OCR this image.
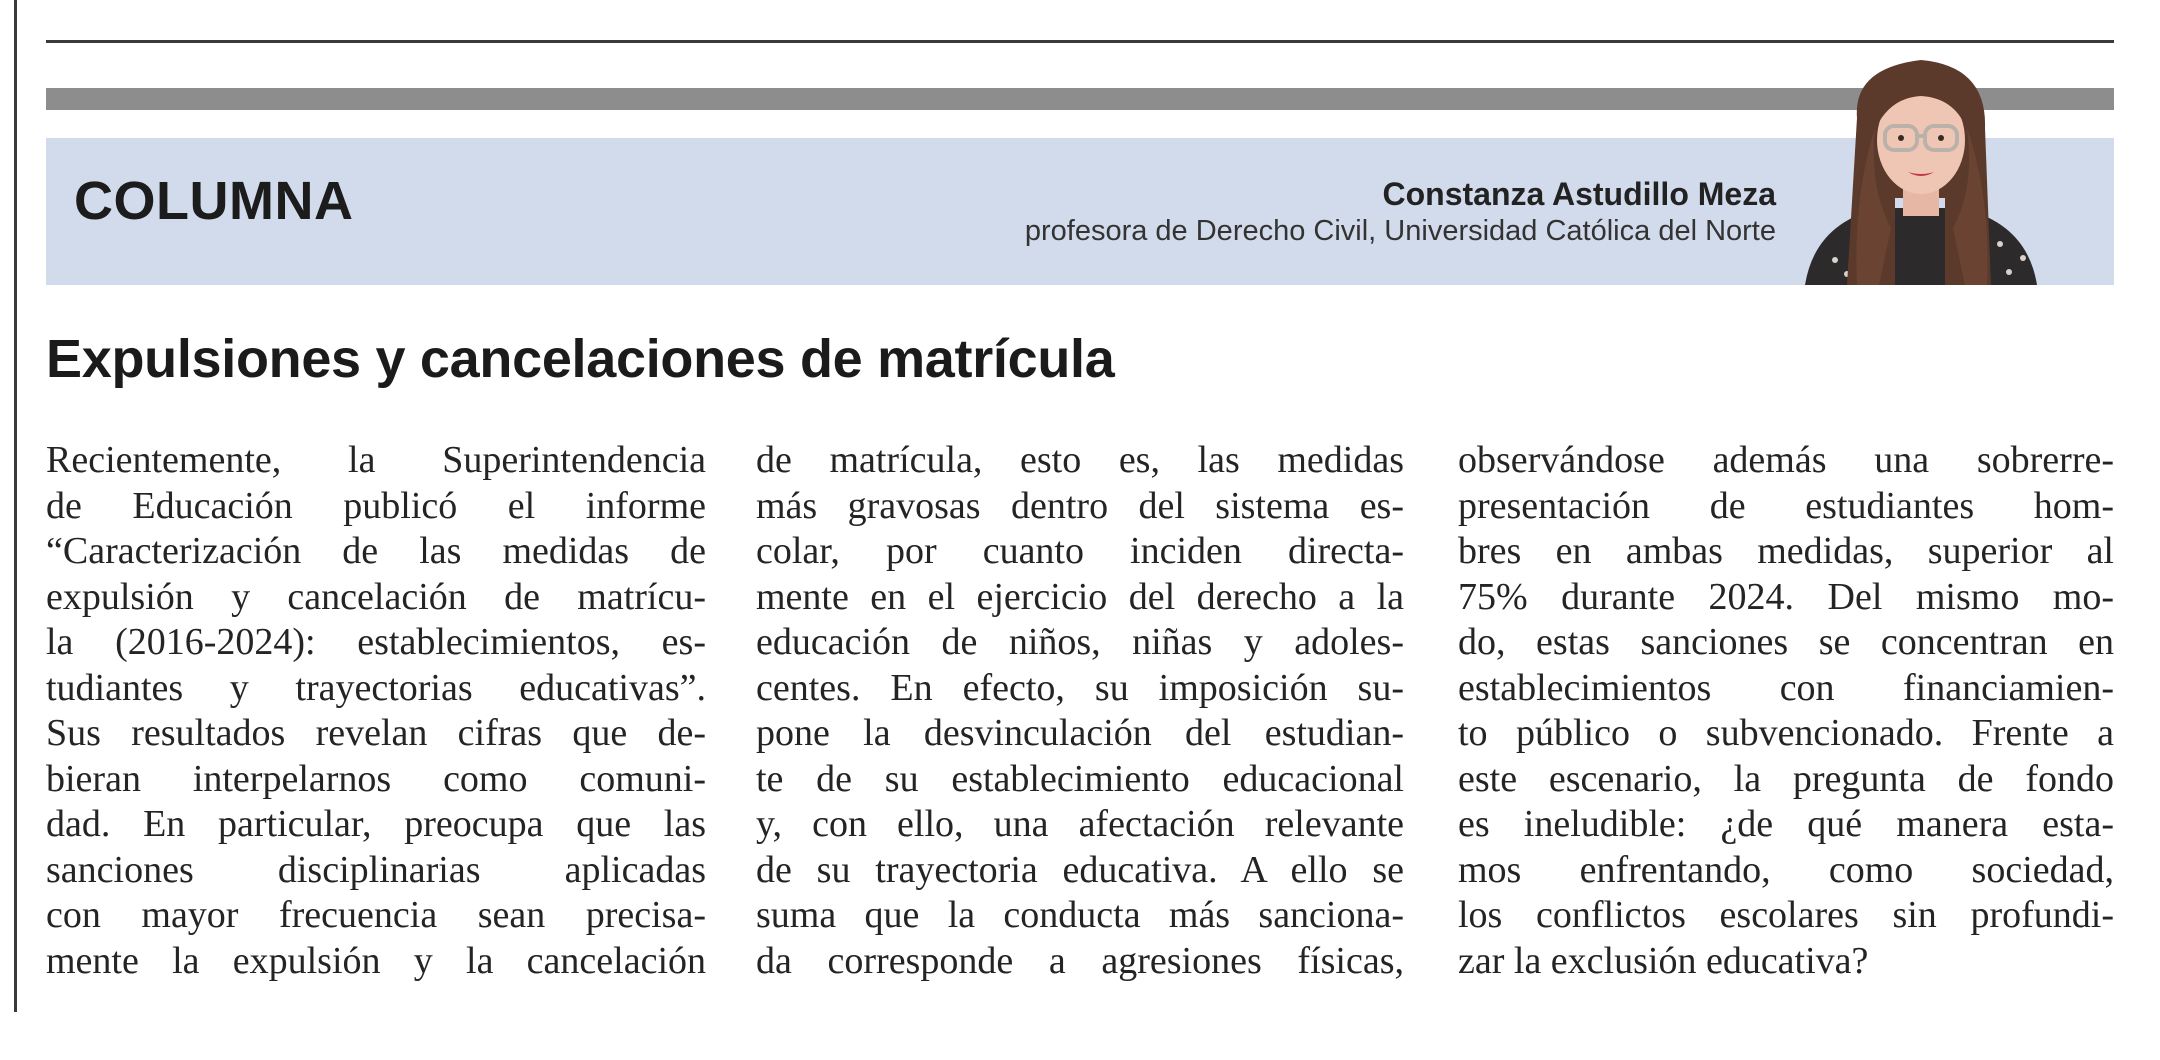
COLUMNA	Constanza Astudillo Meza
profesora de Derecho Civil, Universidad Católica del Norte
Expulsiones y cancelaciones de matrícula
Recientemente, la Superintendencia
de Educación publicó el informe
“Caracterización de las medidas de
expulsión y cancelación de matrícu-
la (2016-2024): establecimientos, es-
tudiantes y trayectorias educativas”.
Sus resultados revelan cifras que de-
bieran interpelarnos como comuni-
dad. En particular, preocupa que las
sanciones disciplinarias aplicadas
con mayor frecuencia sean precisa-
mente la expulsión y la cancelación
de matrícula, esto es, las medidas
más gravosas dentro del sistema es-
colar, por cuanto inciden directa-
mente en el ejercicio del derecho a la
educación de niños, niñas y adoles-
centes. En efecto, su imposición su-
pone la desvinculación del estudian-
te de su establecimiento educacional
y, con ello, una afectación relevante
de su trayectoria educativa. A ello se
suma que la conducta más sanciona-
da corresponde a agresiones físicas,
observándose además una sobrerre-
presentación de estudiantes hom-
bres en ambas medidas, superior al
75% durante 2024. Del mismo mo-
do, estas sanciones se concentran en
establecimientos con financiamien-
to público o subvencionado. Frente a
este escenario, la pregunta de fondo
es ineludible: ¿de qué manera esta-
mos enfrentando, como sociedad,
los conflictos escolares sin profundi-
zar la exclusión educativa?
